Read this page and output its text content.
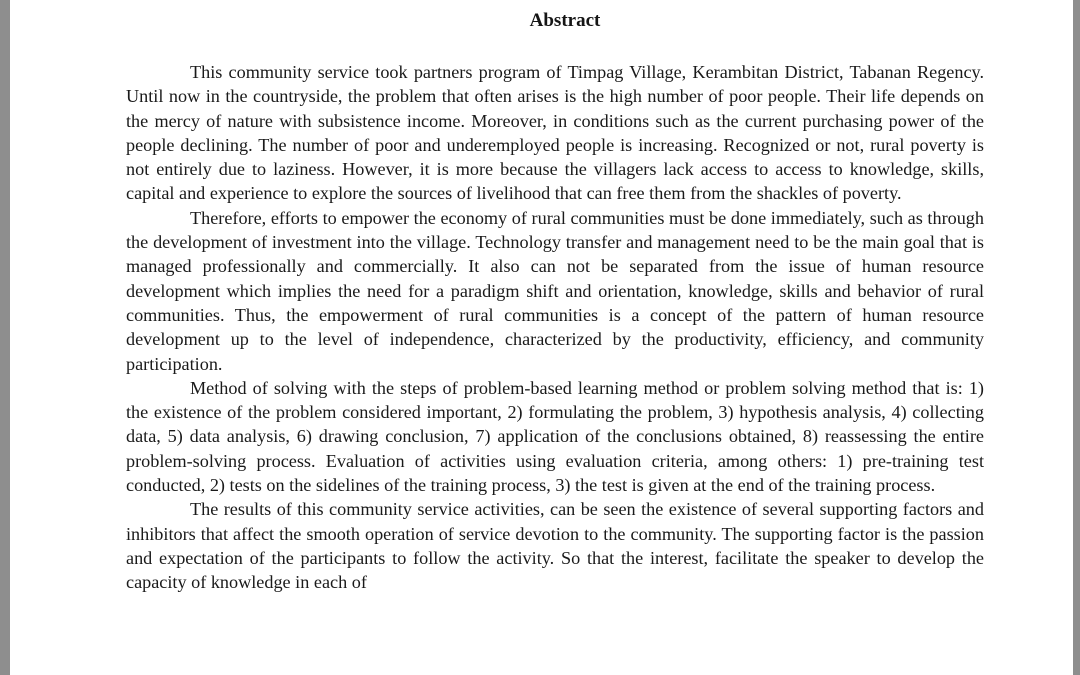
Abstract

This community service took partners program of Timpag Village, Kerambitan District, Tabanan Regency. Until now in the countryside, the problem that often arises is the high number of poor people. Their life depends on the mercy of nature with subsistence income. Moreover, in conditions such as the current purchasing power of the people declining. The number of poor and underemployed people is increasing. Recognized or not, rural poverty is not entirely due to laziness. However, it is more because the villagers lack access to access to knowledge, skills, capital and experience to explore the sources of livelihood that can free them from the shackles of poverty.

Therefore, efforts to empower the economy of rural communities must be done immediately, such as through the development of investment into the village. Technology transfer and management need to be the main goal that is managed professionally and commercially. It also can not be separated from the issue of human resource development which implies the need for a paradigm shift and orientation, knowledge, skills and behavior of rural communities. Thus, the empowerment of rural communities is a concept of the pattern of human resource development up to the level of independence, characterized by the productivity, efficiency, and community participation.

Method of solving with the steps of problem-based learning method or problem solving method that is: 1) the existence of the problem considered important, 2) formulating the problem, 3) hypothesis analysis, 4) collecting data, 5) data analysis, 6) drawing conclusion, 7) application of the conclusions obtained, 8) reassessing the entire problem-solving process. Evaluation of activities using evaluation criteria, among others: 1) pre-training test conducted, 2) tests on the sidelines of the training process, 3) the test is given at the end of the training process.

The results of this community service activities, can be seen the existence of several supporting factors and inhibitors that affect the smooth operation of service devotion to the community. The supporting factor is the passion and expectation of the participants to follow the activity. So that the interest, facilitate the speaker to develop the capacity of knowledge in each of
